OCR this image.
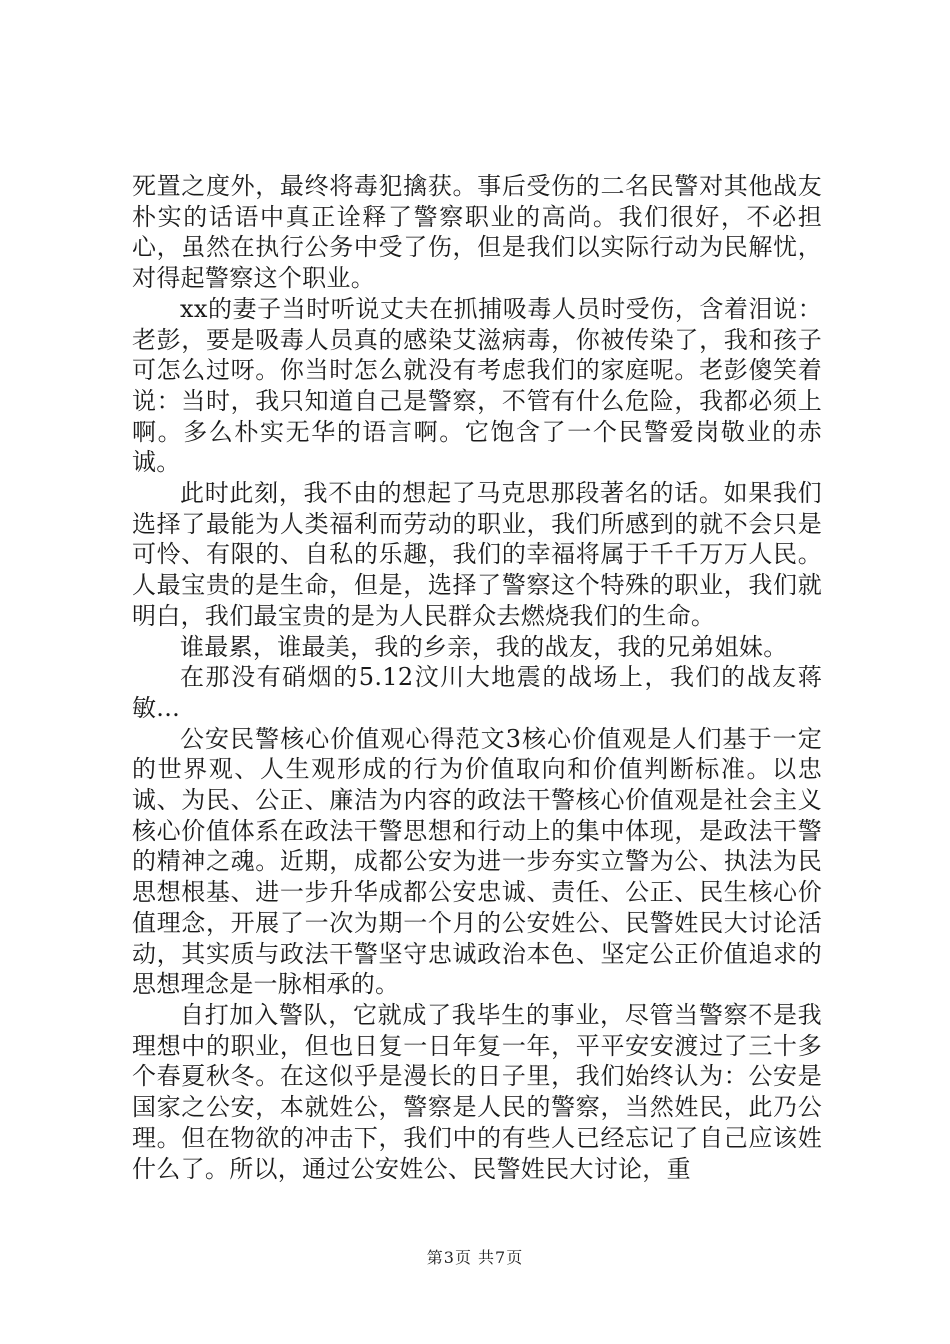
死置之度外，最终将毒犯擒获。事后受伤的二名民警对其他战友朴实的话语中真正诠释了警察职业的高尚。我们很好，不必担心，虽然在执行公务中受了伤，但是我们以实际行动为民解忧，对得起警察这个职业。

xx的妻子当时听说丈夫在抓捕吸毒人员时受伤，含着泪说：老彭，要是吸毒人员真的感染艾滋病毒，你被传染了，我和孩子可怎么过呀。你当时怎么就没有考虑我们的家庭呢。老彭傻笑着说：当时，我只知道自己是警察，不管有什么危险，我都必须上啊。多么朴实无华的语言啊。它饱含了一个民警爱岗敬业的赤诚。

此时此刻，我不由的想起了马克思那段著名的话。如果我们选择了最能为人类福利而劳动的职业，我们所感到的就不会只是可怜、有限的、自私的乐趣，我们的幸福将属于千千万万人民。人最宝贵的是生命，但是，选择了警察这个特殊的职业，我们就明白，我们最宝贵的是为人民群众去燃烧我们的生命。

谁最累，谁最美，我的乡亲，我的战友，我的兄弟姐妹。

在那没有硝烟的5.12汶川大地震的战场上，我们的战友蒋敏...

公安民警核心价值观心得范文3核心价值观是人们基于一定的世界观、人生观形成的行为价值取向和价值判断标准。以忠诚、为民、公正、廉洁为内容的政法干警核心价值观是社会主义核心价值体系在政法干警思想和行动上的集中体现，是政法干警的精神之魂。近期，成都公安为进一步夯实立警为公、执法为民思想根基、进一步升华成都公安忠诚、责任、公正、民生核心价值理念，开展了一次为期一个月的公安姓公、民警姓民大讨论活动，其实质与政法干警坚守忠诚政治本色、坚定公正价值追求的思想理念是一脉相承的。

自打加入警队，它就成了我毕生的事业，尽管当警察不是我理想中的职业，但也日复一日年复一年，平平安安渡过了三十多个春夏秋冬。在这似乎是漫长的日子里，我们始终认为：公安是国家之公安，本就姓公，警察是人民的警察，当然姓民，此乃公理。但在物欲的冲击下，我们中的有些人已经忘记了自己应该姓什么了。所以，通过公安姓公、民警姓民大讨论，重

第3页 共7页
